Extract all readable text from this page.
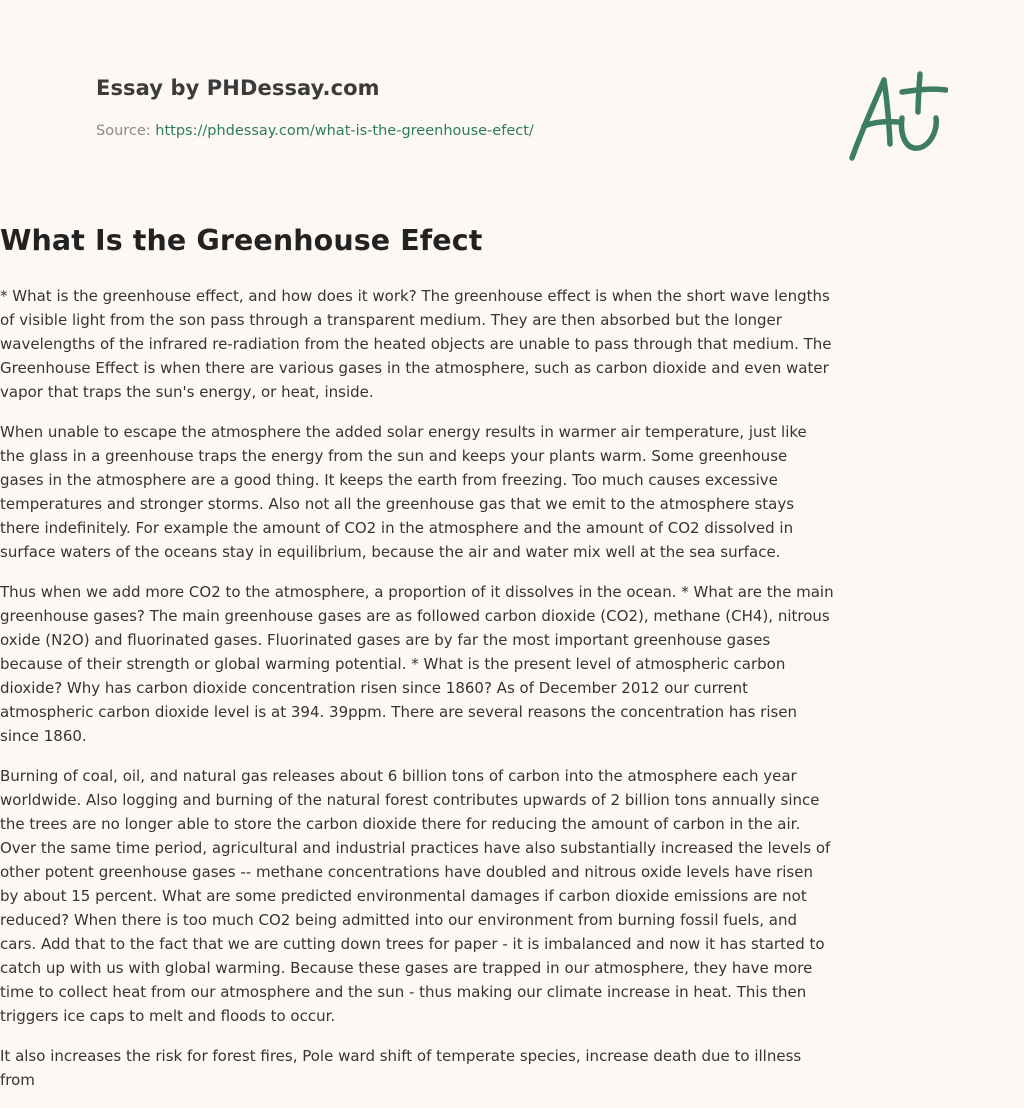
Essay by PHDessay.com
Source: https://phdessay.com/what-is-the-greenhouse-efect/
What Is the Greenhouse Efect

* What is the greenhouse effect, and how does it work? The greenhouse effect is when the short wave lengths of visible light from the son pass through a transparent medium. They are then absorbed but the longer wavelengths of the infrared re-radiation from the heated objects are unable to pass through that medium. The Greenhouse Effect is when there are various gases in the atmosphere, such as carbon dioxide and even water vapor that traps the sun's energy, or heat, inside.

When unable to escape the atmosphere the added solar energy results in warmer air temperature, just like the glass in a greenhouse traps the energy from the sun and keeps your plants warm. Some greenhouse gases in the atmosphere are a good thing. It keeps the earth from freezing. Too much causes excessive temperatures and stronger storms. Also not all the greenhouse gas that we emit to the atmosphere stays there indefinitely. For example the amount of CO2 in the atmosphere and the amount of CO2 dissolved in surface waters of the oceans stay in equilibrium, because the air and water mix well at the sea surface.

Thus when we add more CO2 to the atmosphere, a proportion of it dissolves in the ocean. * What are the main greenhouse gases? The main greenhouse gases are as followed carbon dioxide (CO2), methane (CH4), nitrous oxide (N2O) and fluorinated gases. Fluorinated gases are by far the most important greenhouse gases because of their strength or global warming potential. * What is the present level of atmospheric carbon dioxide? Why has carbon dioxide concentration risen since 1860? As of December 2012 our current atmospheric carbon dioxide level is at 394. 39ppm. There are several reasons the concentration has risen since 1860.

Burning of coal, oil, and natural gas releases about 6 billion tons of carbon into the atmosphere each year worldwide. Also logging and burning of the natural forest contributes upwards of 2 billion tons annually since the trees are no longer able to store the carbon dioxide there for reducing the amount of carbon in the air. Over the same time period, agricultural and industrial practices have also substantially increased the levels of other potent greenhouse gases -- methane concentrations have doubled and nitrous oxide levels have risen by about 15 percent. What are some predicted environmental damages if carbon dioxide emissions are not reduced? When there is too much CO2 being admitted into our environment from burning fossil fuels, and cars. Add that to the fact that we are cutting down trees for paper - it is imbalanced and now it has started to catch up with us with global warming. Because these gases are trapped in our atmosphere, they have more time to collect heat from our atmosphere and the sun - thus making our climate increase in heat. This then triggers ice caps to melt and floods to occur.

It also increases the risk for forest fires, Pole ward shift of temperate species, increase death due to illness from
